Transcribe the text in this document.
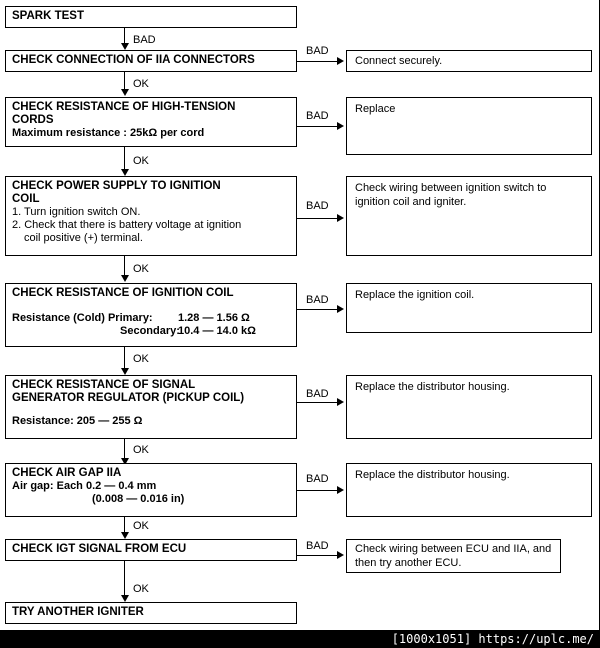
SPARK TEST
BAD
CHECK CONNECTION OF IIA CONNECTORS
BAD
Connect securely.
OK
CHECK RESISTANCE OF HIGH-TENSION
CORDS
Maximum resistance : 25kΩ per cord
BAD
Replace
OK
CHECK POWER SUPPLY TO IGNITION
COIL
1. Turn ignition switch ON.
2. Check that there is battery voltage at ignition
coil positive (+) terminal.
BAD
Check wiring between ignition switch to ignition coil and igniter.
OK
CHECK RESISTANCE OF IGNITION COIL
Resistance (Cold) Primary: 1.28 — 1.56 Ω
Secondary:
10.4 — 14.0 kΩ
BAD	Replace the ignition coil.
OK
CHECK RESISTANCE OF SIGNAL
GENERATOR REGULATOR (PICKUP COIL)
Resistance: 205 — 255 Ω
BAD
Replace the distributor housing.
OK
CHECK AIR GAP IIA
Air gap: Each 0.2 — 0.4 mm
(0.008 — 0.016 in)
BAD	Replace the distributor housing.
OK
CHECK IGT SIGNAL FROM ECU	BAD	Check wiring between ECU and IIA, and then try another ECU.
OK
TRY ANOTHER IGNITER
[1000x1051] https://uplc.me/
